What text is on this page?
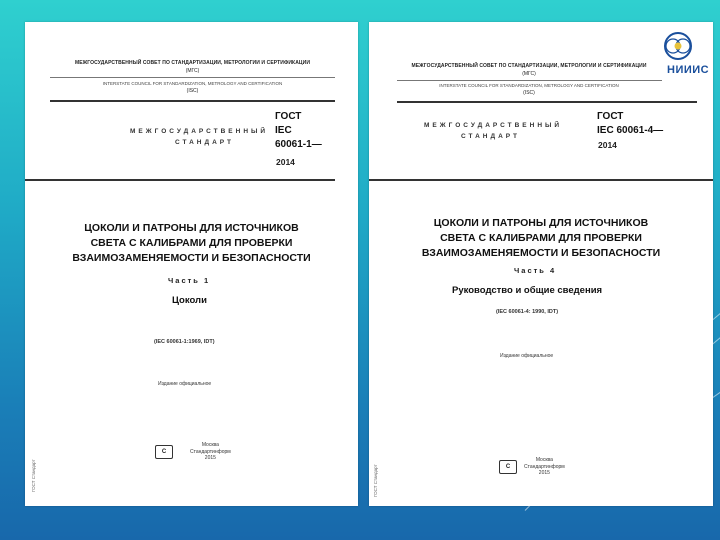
МЕЖГОСУДАРСТВЕННЫЙ СОВЕТ ПО СТАНДАРТИЗАЦИИ, МЕТРОЛОГИИ И СЕРТИФИКАЦИИ
(МГС)
INTERSTATE COUNCIL FOR STANDARDIZATION, METROLOGY AND CERTIFICATION
(ISC)
МЕЖГОСУДАРСТВЕННЫЙ
СТАНДАРТ
ГОСТ
IEC
60061-1—
2014
ЦОКОЛИ И ПАТРОНЫ ДЛЯ ИСТОЧНИКОВ
СВЕТА С КАЛИБРАМИ ДЛЯ ПРОВЕРКИ
ВЗАИМОЗАМЕНЯЕМОСТИ И БЕЗОПАСНОСТИ
Часть 1
Цоколи
(IEC 60061-1:1969, IDT)
Издание официальное
С
Москва
Стандартинформ
2015
ГОСТ Стандарт
МЕЖГОСУДАРСТВЕННЫЙ СОВЕТ ПО СТАНДАРТИЗАЦИИ, МЕТРОЛОГИИ И СЕРТИФИКАЦИИ
(МГС)
INTERSTATE COUNCIL FOR STANDARDIZATION, METROLOGY AND CERTIFICATION
(ISC)
МЕЖГОСУДАРСТВЕННЫЙ
СТАНДАРТ
ГОСТ
IEC 60061-4—
2014
ЦОКОЛИ И ПАТРОНЫ ДЛЯ ИСТОЧНИКОВ
СВЕТА С КАЛИБРАМИ ДЛЯ ПРОВЕРКИ
ВЗАИМОЗАМЕНЯЕМОСТИ И БЕЗОПАСНОСТИ
Часть 4
Руководство и общие сведения
(IEC 60061-4: 1990, IDT)
Издание официальное
С
Москва
Стандартинформ
2015
ГОСТ Стандарт
НИИИС
